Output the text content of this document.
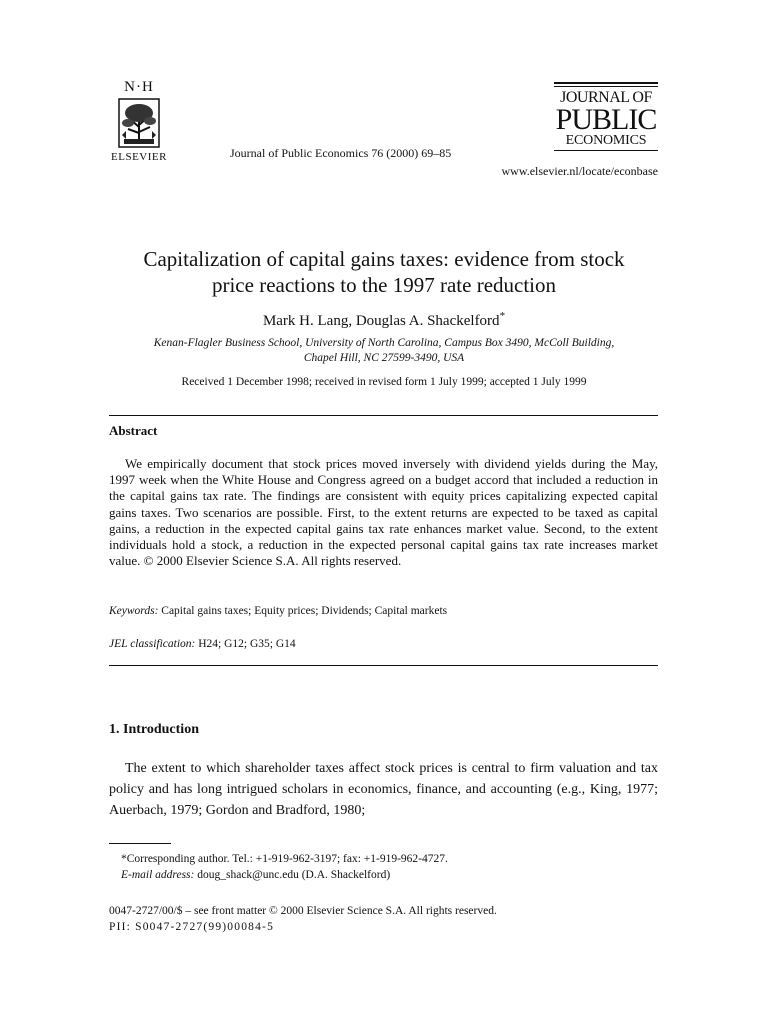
N·H
ELSEVIER	Journal of Public Economics 76 (2000) 69–85
www.elsevier.nl/locate/econbase
JOURNAL OF
PUBLIC
ECONOMICS
Capitalization of capital gains taxes: evidence from stock
price reactions to the 1997 rate reduction
Mark H. Lang, Douglas A. Shackelford*
Kenan-Flagler Business School, University of North Carolina, Campus Box 3490, McColl Building,
Chapel Hill, NC 27599-3490, USA
Received 1 December 1998; received in revised form 1 July 1999; accepted 1 July 1999
Abstract
We empirically document that stock prices moved inversely with dividend yields during the May, 1997 week when the White House and Congress agreed on a budget accord that included a reduction in the capital gains tax rate. The findings are consistent with equity prices capitalizing expected capital gains taxes. Two scenarios are possible. First, to the extent returns are expected to be taxed as capital gains, a reduction in the expected capital gains tax rate enhances market value. Second, to the extent individuals hold a stock, a reduction in the expected personal capital gains tax rate increases market value. © 2000 Elsevier Science S.A. All rights reserved.
Keywords: Capital gains taxes; Equity prices; Dividends; Capital markets
JEL classification: H24; G12; G35; G14
1. Introduction
The extent to which shareholder taxes affect stock prices is central to firm valuation and tax policy and has long intrigued scholars in economics, finance, and accounting (e.g., King, 1977; Auerbach, 1979; Gordon and Bradford, 1980;
*Corresponding author. Tel.: +1-919-962-3197; fax: +1-919-962-4727.
E-mail address: doug_shack@unc.edu (D.A. Shackelford)
0047-2727/00/$ – see front matter © 2000 Elsevier Science S.A. All rights reserved.
PII: S0047-2727(99)00084-5
